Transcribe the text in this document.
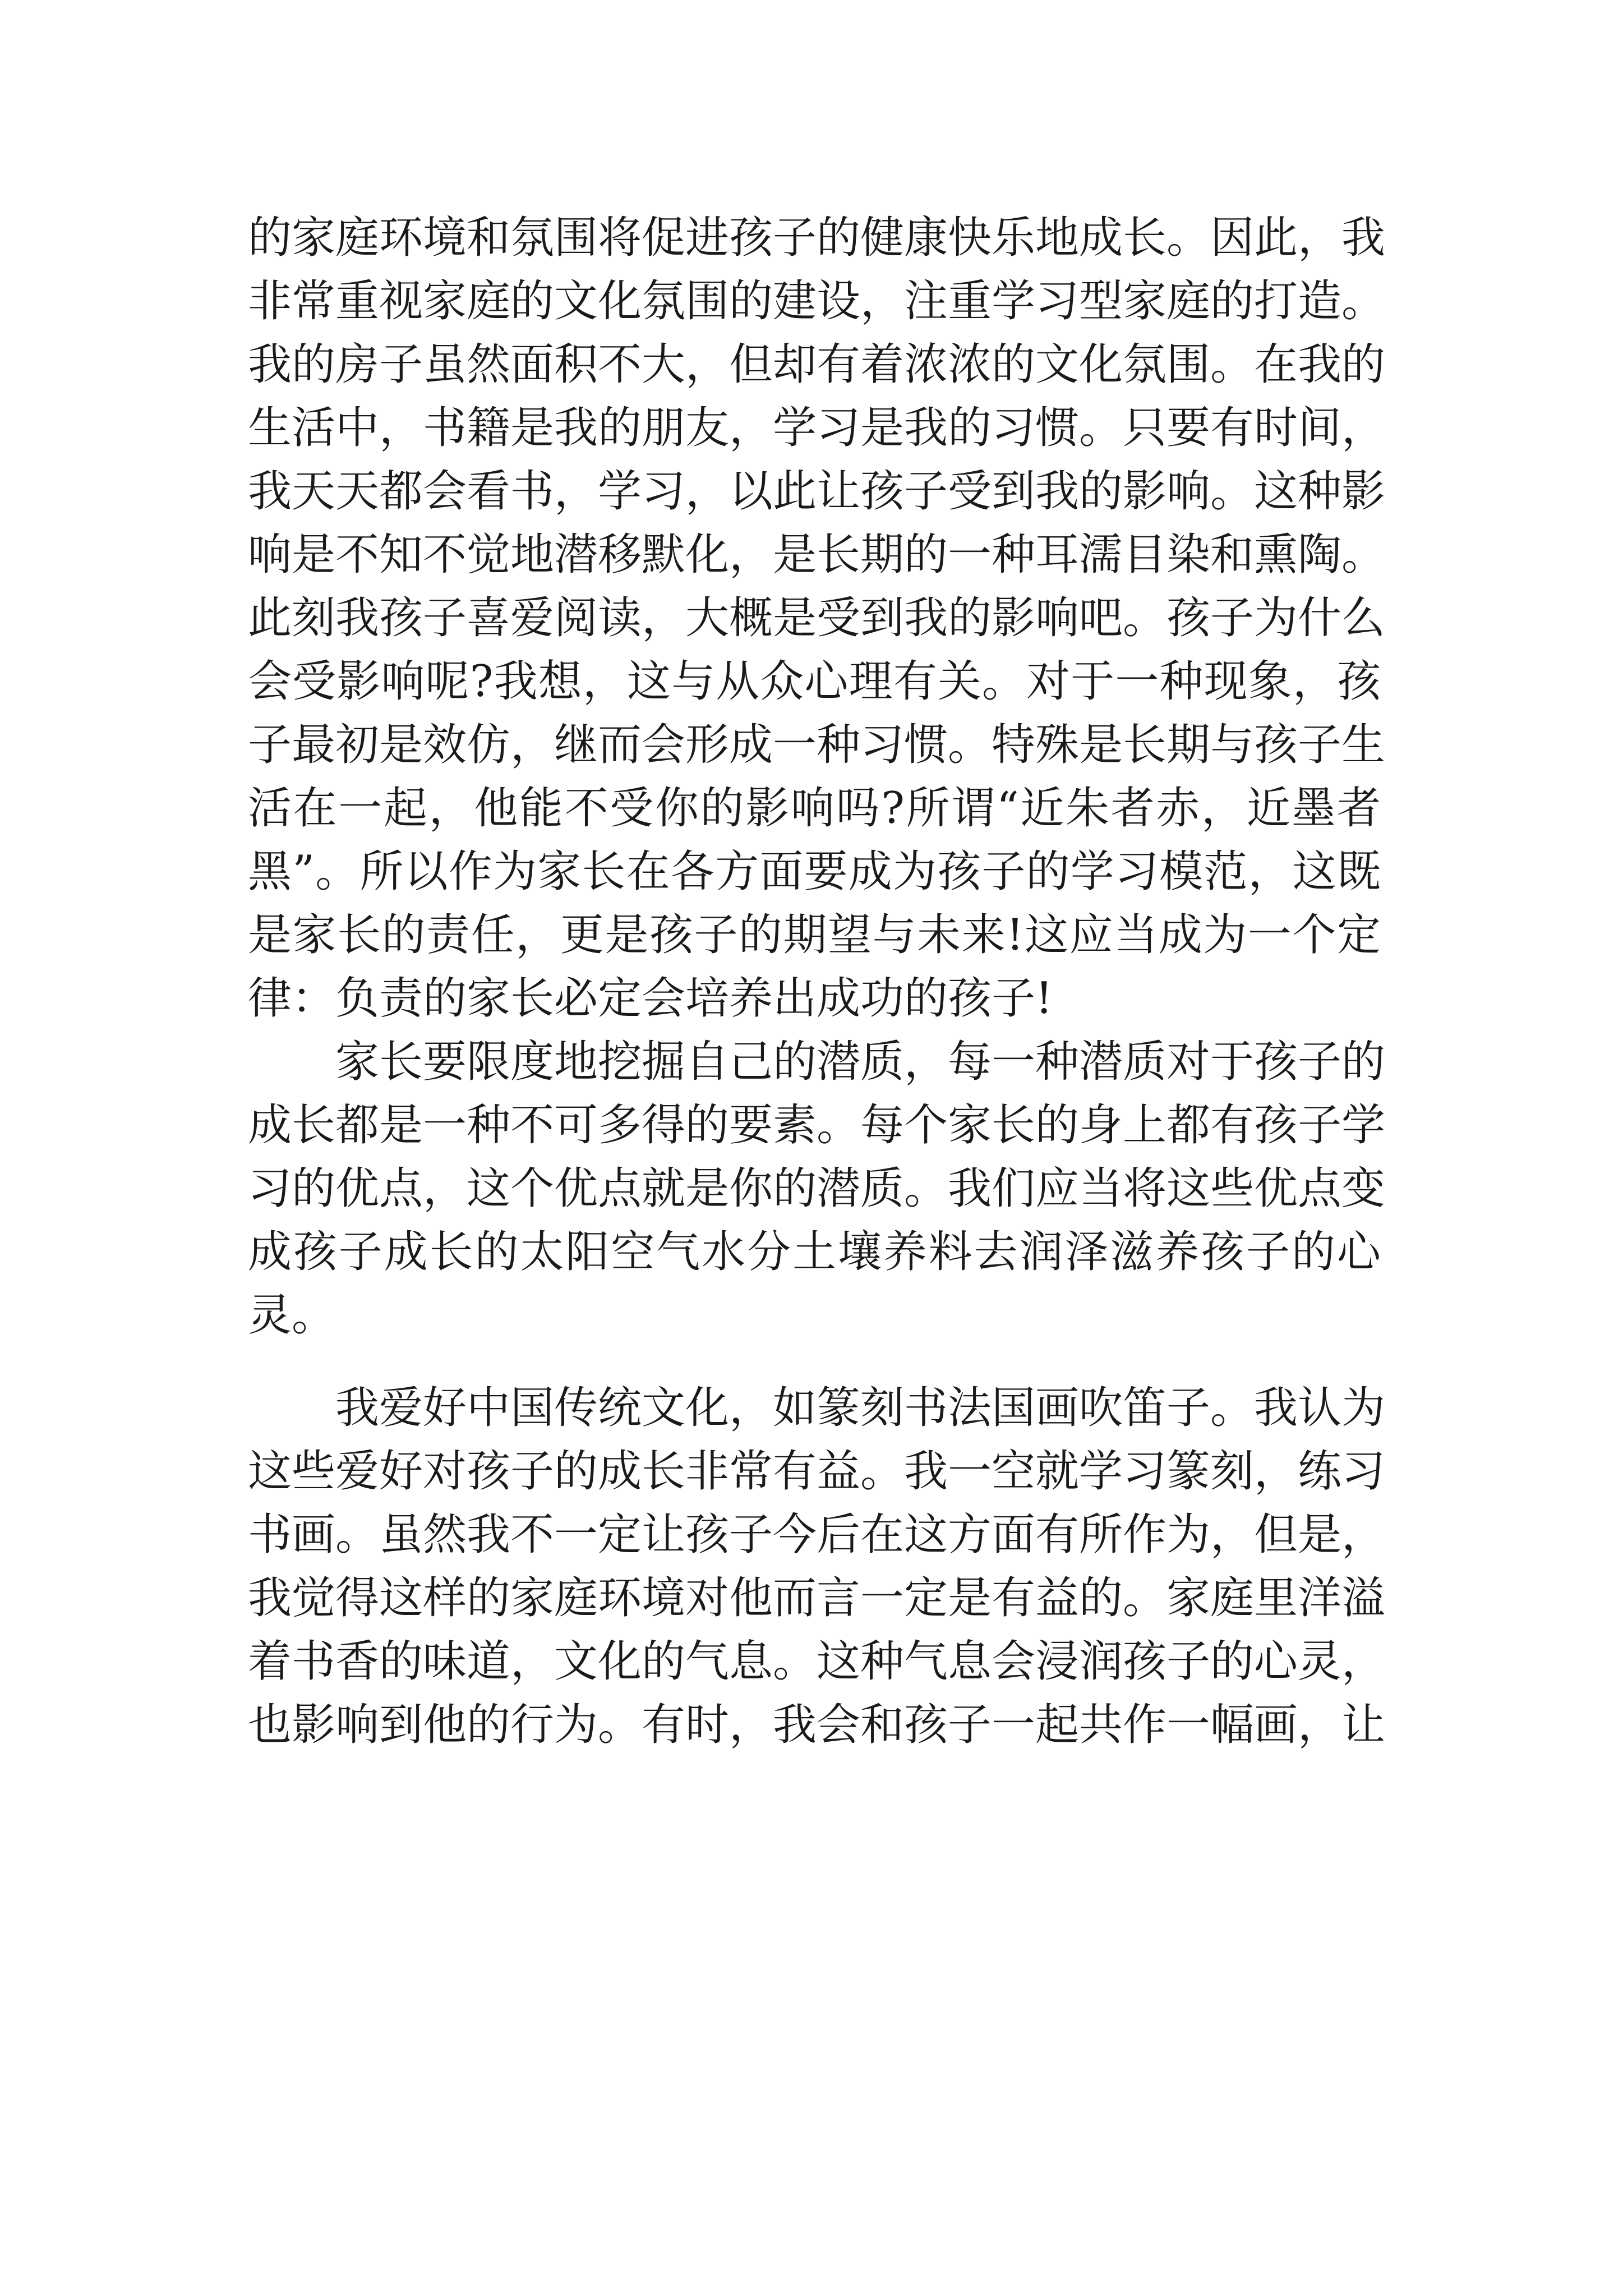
的家庭环境和氛围将促进孩子的健康快乐地成长。因此，我
非常重视家庭的文化氛围的建设，注重学习型家庭的打造。
我的房子虽然面积不大，但却有着浓浓的文化氛围。在我的
生活中，书籍是我的朋友，学习是我的习惯。只要有时间，
我天天都会看书，学习，以此让孩子受到我的影响。这种影
响是不知不觉地潜移默化，是长期的一种耳濡目染和熏陶。
此刻我孩子喜爱阅读，大概是受到我的影响吧。孩子为什么
会受影响呢?我想，这与从众心理有关。对于一种现象，孩
子最初是效仿，继而会形成一种习惯。特殊是长期与孩子生
活在一起，他能不受你的影响吗?所谓“近朱者赤，近墨者
黑”。所以作为家长在各方面要成为孩子的学习模范，这既
是家长的责任，更是孩子的期望与未来!这应当成为一个定
律：负责的家长必定会培养出成功的孩子!
家长要限度地挖掘自己的潜质，每一种潜质对于孩子的
成长都是一种不可多得的要素。每个家长的身上都有孩子学
习的优点，这个优点就是你的潜质。我们应当将这些优点变
成孩子成长的太阳空气水分土壤养料去润泽滋养孩子的心
灵。
我爱好中国传统文化，如篆刻书法国画吹笛子。我认为
这些爱好对孩子的成长非常有益。我一空就学习篆刻，练习
书画。虽然我不一定让孩子今后在这方面有所作为，但是，
我觉得这样的家庭环境对他而言一定是有益的。家庭里洋溢
着书香的味道，文化的气息。这种气息会浸润孩子的心灵，
也影响到他的行为。有时，我会和孩子一起共作一幅画，让
